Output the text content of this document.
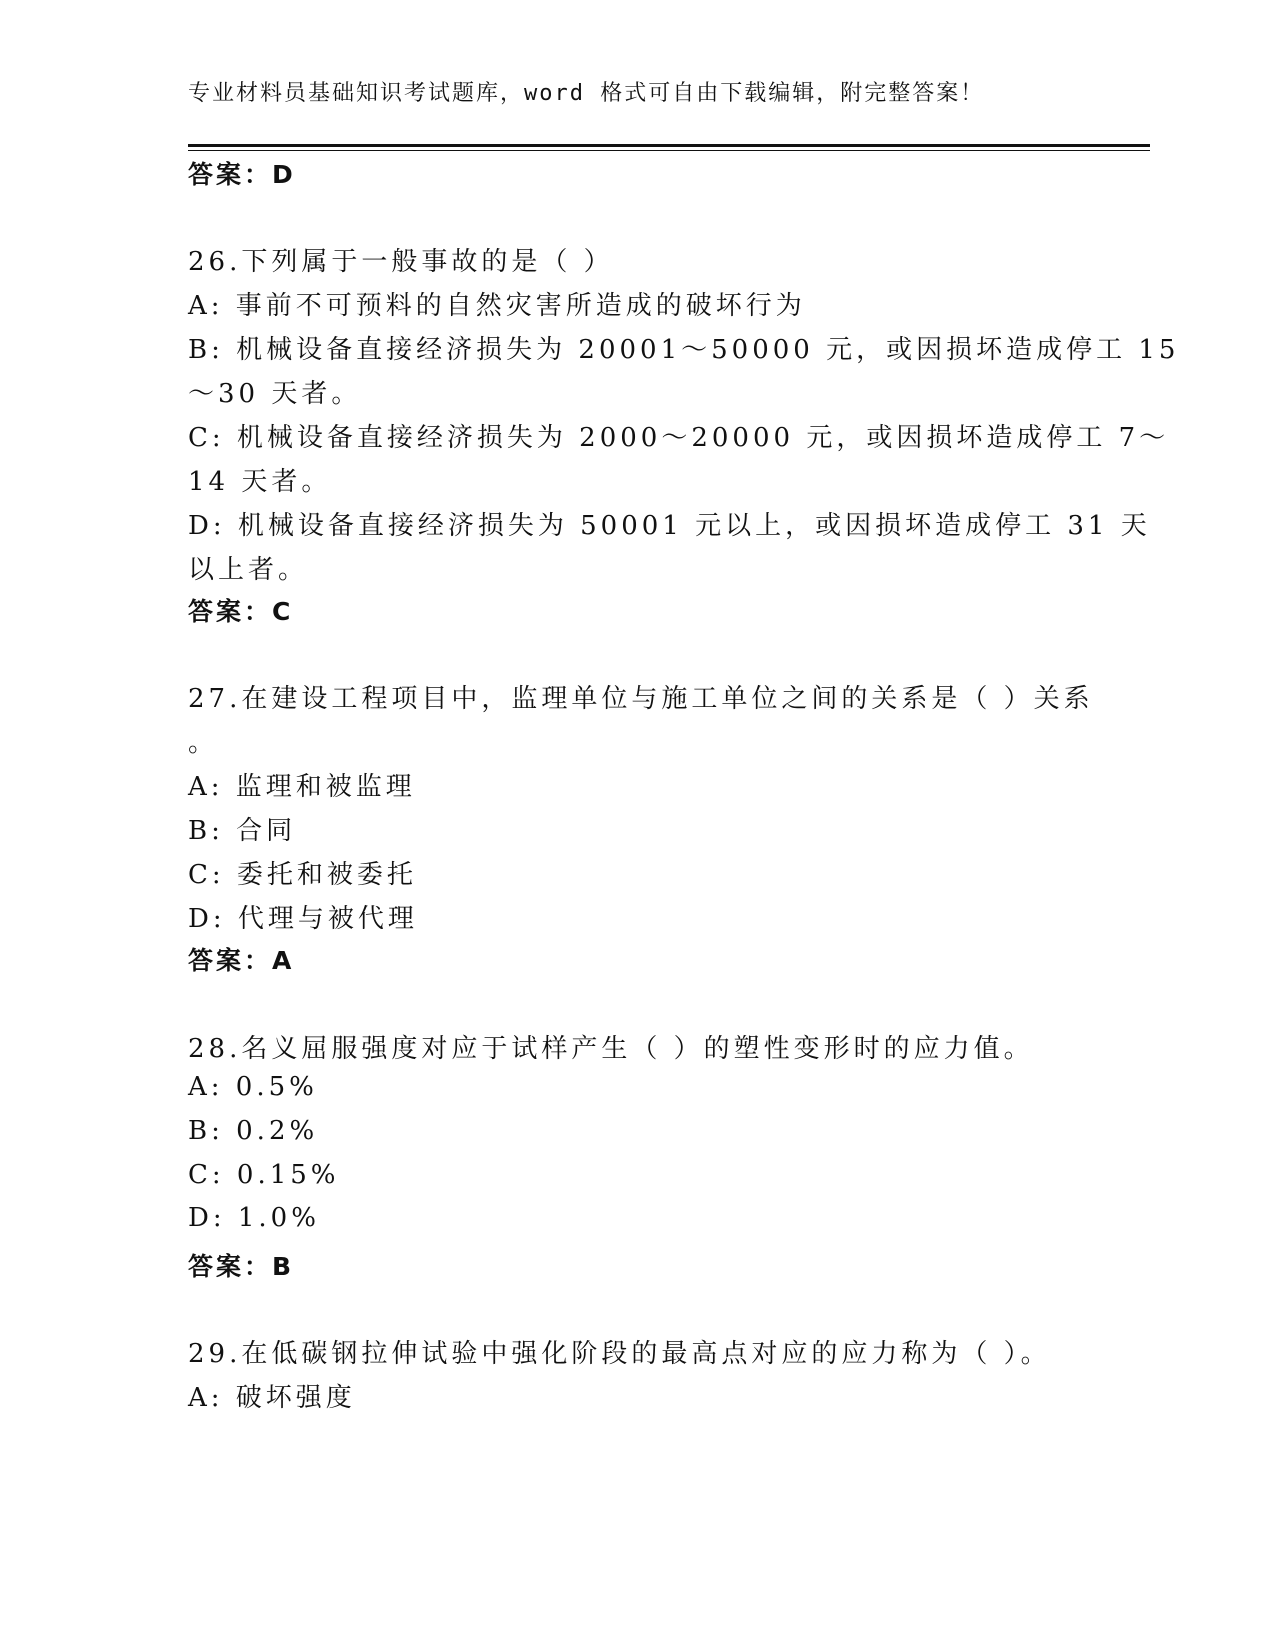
专业材料员基础知识考试题库，word 格式可自由下载编辑，附完整答案！
答案：D
26.下列属于一般事故的是（ ）
A: 事前不可预料的自然灾害所造成的破坏行为
B: 机械设备直接经济损失为 20001～50000 元，或因损坏造成停工 15
～30 天者。
C: 机械设备直接经济损失为 2000～20000 元，或因损坏造成停工 7～
14 天者。
D: 机械设备直接经济损失为 50001 元以上，或因损坏造成停工 31 天
以上者。
答案：C
27.在建设工程项目中，监理单位与施工单位之间的关系是（ ）关系
。
A: 监理和被监理
B: 合同
C: 委托和被委托
D: 代理与被代理
答案：A
28.名义屈服强度对应于试样产生（ ）的塑性变形时的应力值。
A: 0.5%
B: 0.2%
C: 0.15%
D: 1.0%
答案：B
29.在低碳钢拉伸试验中强化阶段的最高点对应的应力称为（ ）。
A: 破坏强度
